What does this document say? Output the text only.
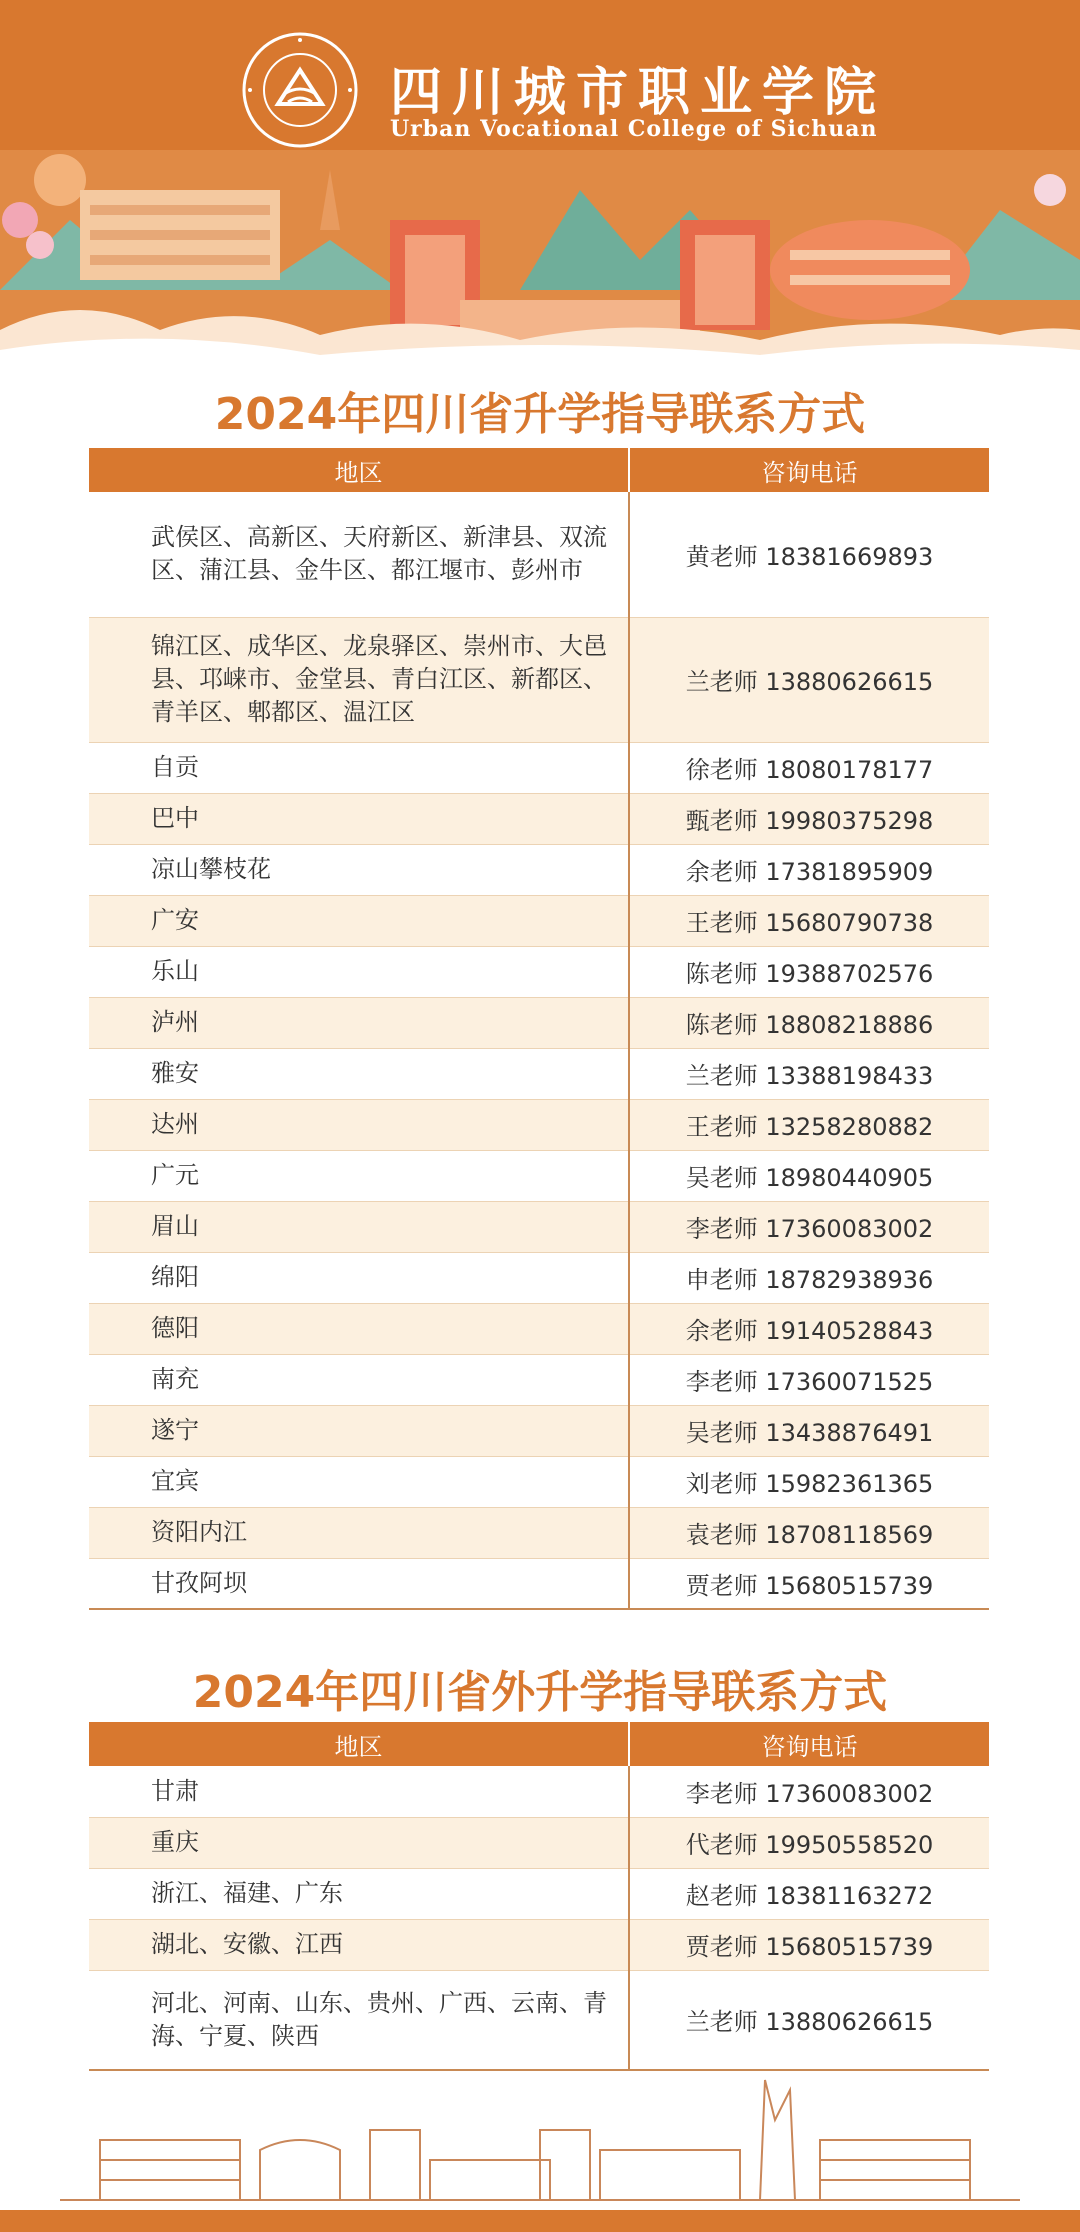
四川城市职业学院
Urban Vocational College of Sichuan
2024年四川省升学指导联系方式
地区	咨询电话
武侯区、高新区、天府新区、新津县、双流区、蒲江县、金牛区、都江堰市、彭州市	黄老师 18381669893
锦江区、成华区、龙泉驿区、崇州市、大邑县、邛崃市、金堂县、青白江区、新都区、青羊区、郫都区、温江区	兰老师 13880626615
自贡	徐老师 18080178177
巴中	甄老师 19980375298
凉山攀枝花	余老师 17381895909
广安	王老师 15680790738
乐山	陈老师 19388702576
泸州	陈老师 18808218886
雅安	兰老师 13388198433
达州	王老师 13258280882
广元	吴老师 18980440905
眉山	李老师 17360083002
绵阳	申老师 18782938936
德阳	余老师 19140528843
南充	李老师 17360071525
遂宁	吴老师 13438876491
宜宾	刘老师 15982361365
资阳内江	袁老师 18708118569
甘孜阿坝	贾老师 15680515739
2024年四川省外升学指导联系方式
地区	咨询电话
甘肃	李老师 17360083002
重庆	代老师 19950558520
浙江、福建、广东	赵老师 18381163272
湖北、安徽、江西	贾老师 15680515739
河北、河南、山东、贵州、广西、云南、青海、宁夏、陕西	兰老师 13880626615
